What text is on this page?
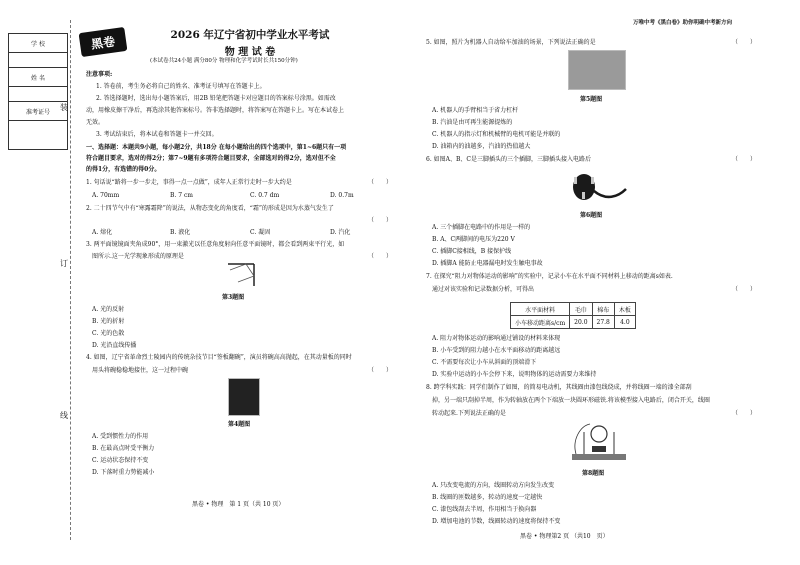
学 校
姓 名
准考证号	装
订
线
黑卷	2026 年辽宁省初中学业水平考试
物 理 试 卷
(本试卷共24小题 满分80分 物理和化学考试时长共150分钟)
万唯中考《黑白卷》助你明确中考新方向
注意事项:
1. 答卷前，考生务必将自己的姓名、准考证号填写在答题卡上。
2. 答选择题时，选出每小题答案后，用2B 铅笔把答题卡对应题目的答案标号涂黑。如需改
动，用橡皮擦干净后，再选涂其他答案标号。答非选择题时，将答案写在答题卡上。写在本试卷上
无效。
3. 考试结束后，将本试卷和答题卡一并交回。
一、选择题：本题共9小题，每小题2分，共18分 在每小题给出的四个选项中，第1~6题只有一项
符合题目要求，选对的得2分；第7~9题有多项符合题目要求，全部选对的得2分，选对但不全
的得1分，有选错的得0分。
1. 句话说“路将一步一步走，事得一点一点做”，成年人正常行走时一步大约是	（　　）
A. 70mm	B. 7 cm	C. 0.7 dm	D. 0.7m
2. 二十四节气中有“寒露霜降”的说法，从物态变化的角度看，“霜”的形成是因为水蒸气发生了
（　　）
A. 熔化	B. 液化	C. 凝固	D. 汽化
3. 两平面镜镜面夹角成90°，用一束激光以任意角度射向任意平面镜时，都会看到两束平行光，如
图所示.这一光学现象形成的原理是	（　　）
第3题图
A. 光的反射
B. 光的折射
C. 光的色散
D. 光沿直线传播
4. 如图，辽宁省革命烈士陵园内的传统杂技节目“签板翻碗”，演员将碗高高抛起，在其动量板的同时
用头将碗稳稳地接住，这一过程中碗	（　　）
第4题图
A. 受到惯性力的作用
B. 在最高点时受平衡力
C. 运动状态保持不变
D. 下落时重力势能减小
黑卷 • 物理　第 1 页（共 10 页）
5. 如图，照片为机器人自动给车加油的场景，下列说法正确的是	（　　）
第5题图
A. 机器人的手臂相当于省力杠杆
B. 汽油是由可再生能源提炼的
C. 机器人的指示灯和机械臂的电机可能是并联的
D. 油箱内的油越多，汽油的热值越大
6. 如图A、B、C是三脚插头的三个插脚，三脚插头接入电路后	（　　）
第6题图
A. 三个插脚在电路中的作用是一样的
B. A、C两脚间的电压为220 V
C. 插脚C接相线，B 接保护线
D. 插脚A 能防止电器漏电时发生触电事故
7. 在探究“阻力对物体运动的影响”的实验中，记录小车在水平面不同材料上移动的距离s如表.
通过对该实验和记录数据分析，可得出	（　　）
水平面材料	毛巾	棉布	木板
小车移动距离s/cm	20.0	27.8	4.0
A. 阻力对物体运动的影响通过铺设的材料来体现
B. 小车受到的阻力越小在水平面移动的距离越远
C. 不需要每次让小车从斜面的顶端滑下
D. 实验中运动的小车会停下来，说明物体的运动需要力来维持
8. 跨学科实践：同学们制作了如图，的简易电动机，其线圈由漆包线绕成，并将线圈一端的漆全部刮
掉，另一端只刮掉半周，作为转轴放在两个下端放一块圆环形磁铁.将该模型接入电路后，闭合开关，线圈
转动起来.下列说法正确的是	（　　）
第8题图
A. 只改变电流的方向，线圈转动方向发生改变
B. 线圈的匝数越多，转动的速度一定越快
C. 漆包线刮去半周，作用相当于换向器
D. 增加电池的节数，线圈转动的速度将保持不变
黑卷 • 物理第2 页 （共10　页）
